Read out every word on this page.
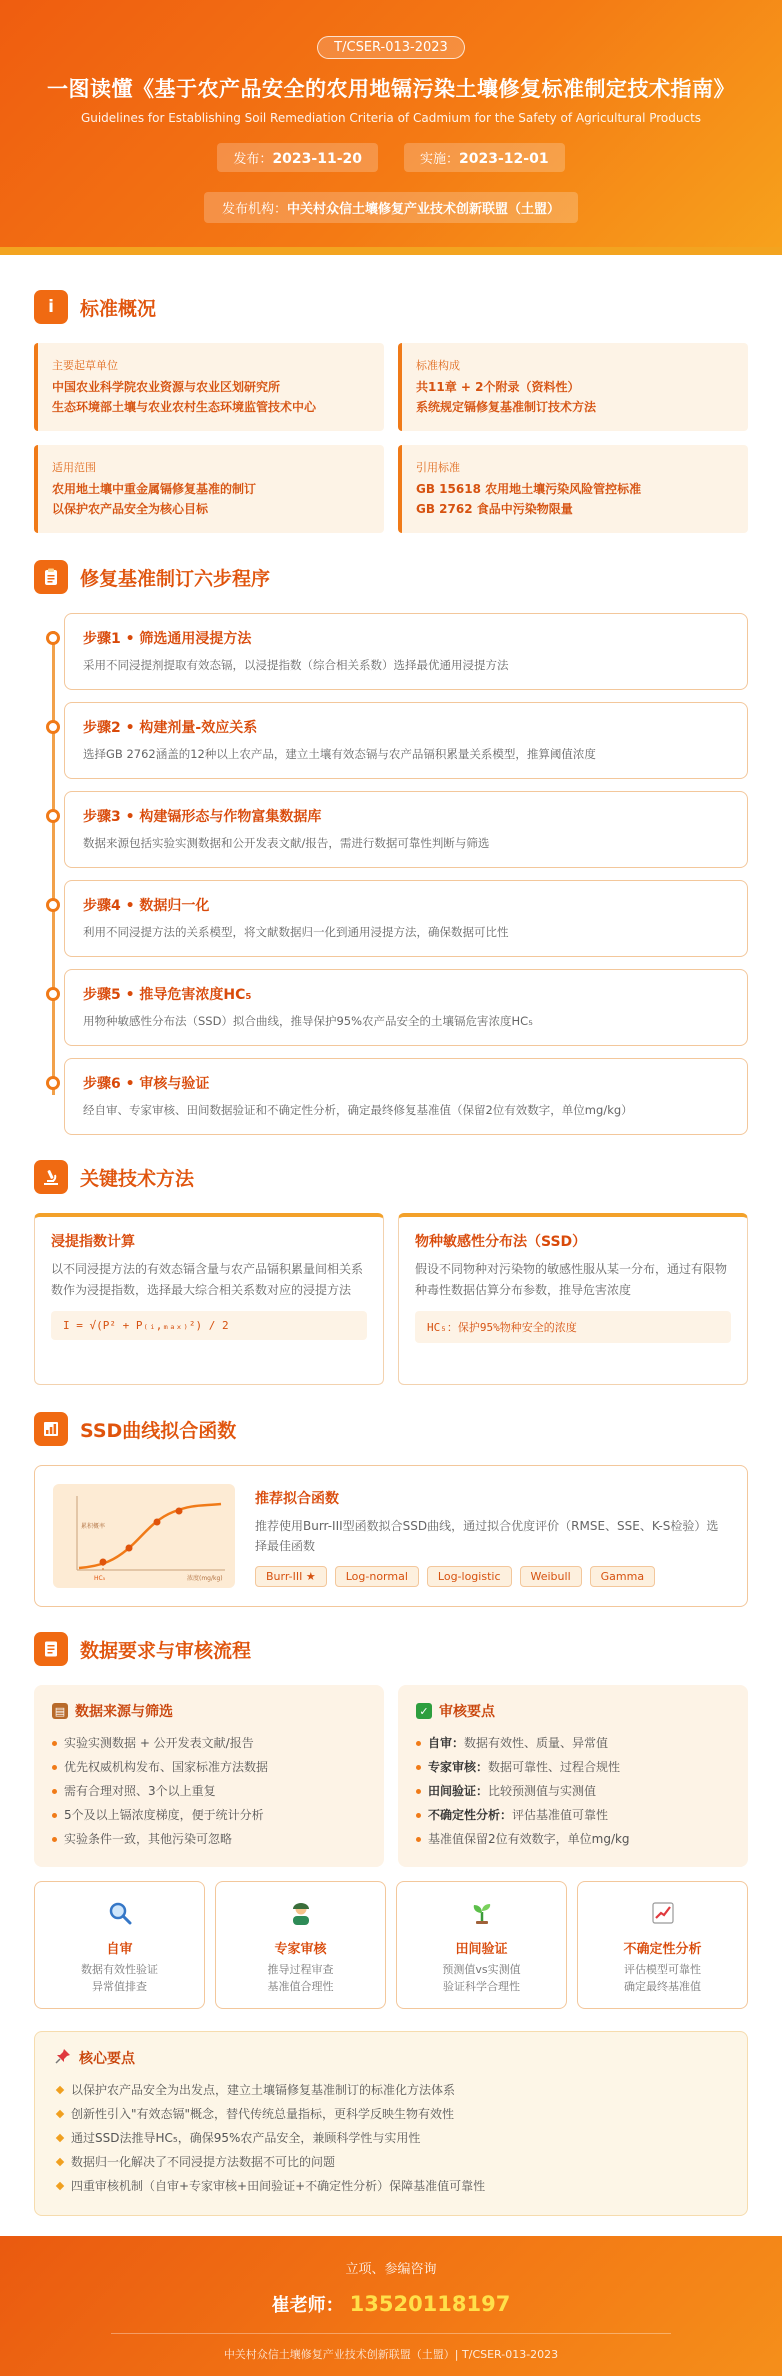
T/CSER-013-2023
一图读懂《基于农产品安全的农用地镉污染土壤修复标准制定技术指南》
Guidelines for Establishing Soil Remediation Criteria of Cadmium for the Safety of Agricultural Products
发布：2023-11-20	实施：2023-12-01
发布机构：中关村众信土壤修复产业技术创新联盟（土盟）
i	标准概况
主要起草单位
中国农业科学院农业资源与农业区划研究所
生态环境部土壤与农业农村生态环境监管技术中心
标准构成
共11章 + 2个附录（资料性）
系统规定镉修复基准制订技术方法
适用范围
农用地土壤中重金属镉修复基准的制订
以保护农产品安全为核心目标
引用标准
GB 15618 农用地土壤污染风险管控标准
GB 2762 食品中污染物限量
修复基准制订六步程序
步骤1 • 筛选通用浸提方法
采用不同浸提剂提取有效态镉，以浸提指数（综合相关系数）选择最优通用浸提方法
步骤2 • 构建剂量-效应关系
选择GB 2762涵盖的12种以上农产品，建立土壤有效态镉与农产品镉积累量关系模型，推算阈值浓度
步骤3 • 构建镉形态与作物富集数据库
数据来源包括实验实测数据和公开发表文献/报告，需进行数据可靠性判断与筛选
步骤4 • 数据归一化
利用不同浸提方法的关系模型，将文献数据归一化到通用浸提方法，确保数据可比性
步骤5 • 推导危害浓度HC₅
用物种敏感性分布法（SSD）拟合曲线，推导保护95%农产品安全的土壤镉危害浓度HC₅
步骤6 • 审核与验证
经自审、专家审核、田间数据验证和不确定性分析，确定最终修复基准值（保留2位有效数字，单位mg/kg）
关键技术方法
浸提指数计算
以不同浸提方法的有效态镉含量与农产品镉积累量间相关系数作为浸提指数，选择最大综合相关系数对应的浸提方法
I = √(P² + P₍ᵢ,ₘₐₓ₎²) / 2
物种敏感性分布法（SSD）
假设不同物种对污染物的敏感性服从某一分布，通过有限物种毒性数据估算分布参数，推导危害浓度
HC₅：保护95%物种安全的浓度
SSD曲线拟合函数
累积概率
HC₅	浓度(mg/kg)
推荐拟合函数
推荐使用Burr-III型函数拟合SSD曲线，通过拟合优度评价（RMSE、SSE、K-S检验）选择最佳函数
Burr-III ★	Log-normal	Log-logistic	Weibull	Gamma
数据要求与审核流程
▤ 数据来源与筛选
实验实测数据 + 公开发表文献/报告
优先权威机构发布、国家标准方法数据
需有合理对照、3个以上重复
5个及以上镉浓度梯度，便于统计分析
实验条件一致，其他污染可忽略
✓ 审核要点
自审：数据有效性、质量、异常值
专家审核：数据可靠性、过程合规性
田间验证：比较预测值与实测值
不确定性分析：评估基准值可靠性
基准值保留2位有效数字，单位mg/kg
自审
数据有效性验证
异常值排查
专家审核
推导过程审查
基准值合理性
田间验证
预测值vs实测值
验证科学合理性
不确定性分析
评估模型可靠性
确定最终基准值
核心要点
以保护农产品安全为出发点，建立土壤镉修复基准制订的标准化方法体系
创新性引入"有效态镉"概念，替代传统总量指标，更科学反映生物有效性
通过SSD法推导HC₅，确保95%农产品安全，兼顾科学性与实用性
数据归一化解决了不同浸提方法数据不可比的问题
四重审核机制（自审+专家审核+田间验证+不确定性分析）保障基准值可靠性
立项、参编咨询
崔老师： 13520118197
中关村众信土壤修复产业技术创新联盟（土盟）| T/CSER-013-2023
